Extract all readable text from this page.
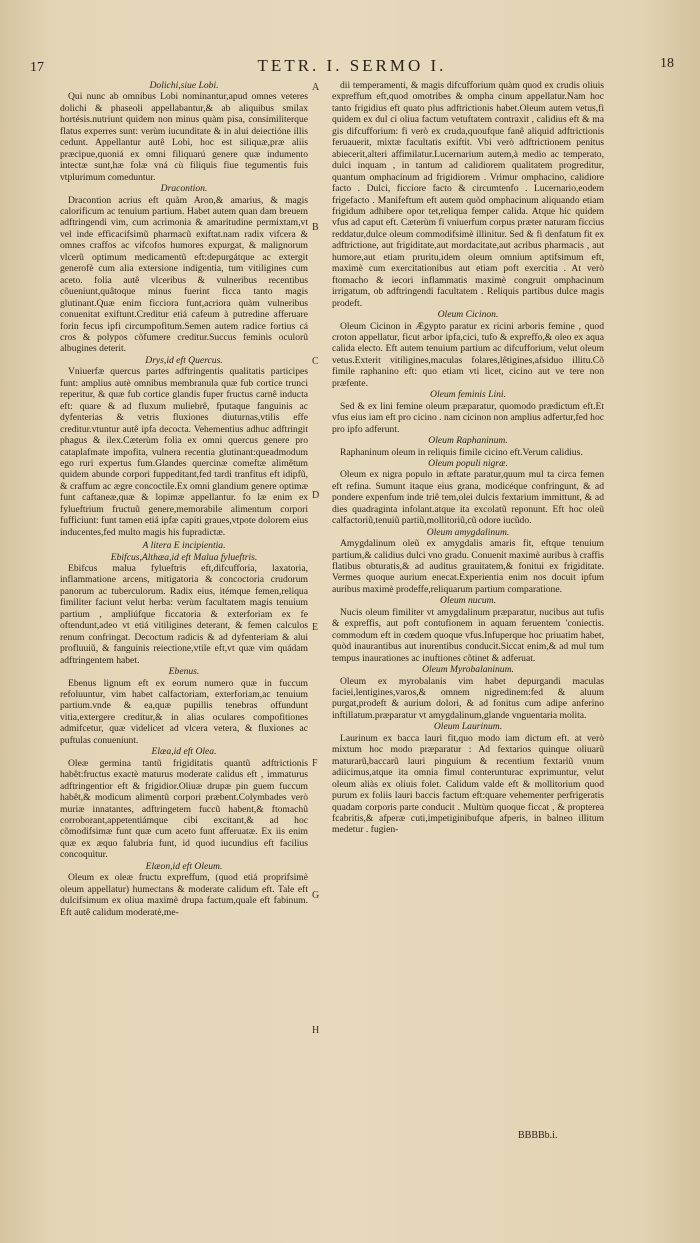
17	TETR. I. SERMO I.	18

Dolichi,siue Lobi.

Qui nunc ab omnibus Lobi nominantur,apud omnes veteres dolichi & phaseoli appellabantur,& ab aliquibus smilax hortésis.nutriunt quidem non minus quàm pisa, consimiliterque flatus experres sunt: verùm iucunditate & in alui deiectióne illis cedunt. Appellantur autê Lobi, hoc est siliquæ,præ aliis præcipue,quoniá ex omni filiquarú genere quæ indumento intectæ sunt,hæ folæ vná cù filiquis fiue tegumentis fuis vtplurimum comeduntur.

Dracontion.

Dracontion acrius eft quàm Aron,& amarius, & magis calorificum ac tenuium partium. Habet autem quan dam breuem adftringendi vim, cum acrimonia & amaritudine permixtam,vt vel inde efficacifsimũ pharmacũ exiftat.nam radix vifcera & omnes craffos ac vifcofos humores expurgat, & malignorum vlcerũ optimum medicamentũ eft:depurgátque ac extergit generofè cum alia extersione indigentia, tum vitiligines cum aceto. folia autê vlceribus & vulneribus recentibus cõueniunt,quâtoque minus fuerint ficca tanto magis glutinant.Quæ enim ficciora funt,acriora quàm vulneribus conuenitat exiftunt.Creditur etiá cafeum à putredine afferuare forin fecus ipfi circumpofitum.Semen autem radice fortius cá cros & polypos cõfumere creditur.Succus feminis oculorũ albugines deterit.

Drys,id eft Quercus.

Vniuerfæ quercus partes adftringentis qualitatis participes funt: amplius autè omnibus membranula quæ fub cortice trunci reperitur, & quæ fub cortice glandis fuper fructus carnê inducta eft: quare & ad fluxum muliebrê, fputaque fanguinis ac dyfenterias & vetris fluxiones diuturnas,vtilis effe creditur.vtuntur autê ipfa decocta. Vehementius adhuc adftringit phagus & ilex.Cæterùm folia ex omni quercus genere pro cataplafmate impofita, vulnera recentia glutinant:queadmodum ego ruri expertus fum.Glandes quercinæ comeftæ alimêtum quidem abunde corpori fuppeditant,fed tardi tranfitus eft idipfũ, & craffum ac ægre concoctile.Ex omni glandium genere optimæ funt caftaneæ,quæ & lopimæ appellantur. fo læ enim ex fylueftrium fructuũ genere,memorabile alimentum corpori fufficiunt: funt tamen etiá ipfæ capiti graues,vtpote dolorem eius inducentes,fed multo magis his fupradictæ.

A litera E incipientia.

Ebifcus,Althæa,id eft Malua fylueftris.

Ebifcus malua fylueftris eft,difcufforia, laxatoria, inflammatione arcens, mitigatoria & concoctoria crudorum panorum ac tuberculorum. Radix eius, itémque femen,reliqua fimiliter faciunt velut herba: verùm facultatem magis tenuium partium , ampliúfque ficcatoria & exterforiam ex fe oftendunt,adeo vt etiá vitiligines deterant, & femen calculos renum confringat. Decoctum radicis & ad dyfenteriam & alui profluuiũ, & fanguinis reiectione,vtile eft,vt quæ vim quádam adftringentem habet.

Ebenus.

Ebenus lignum eft ex eorum numero quæ in fuccum refoluuntur, vim habet calfactoriam, exterforiam,ac tenuium partium.vnde & ea,quæ pupillis tenebras offundunt vitia,extergere creditur,& in alias oculares compofitiones admifcetur, quæ videlicet ad vlcera vetera, & fluxiones ac puftulas conueniunt.

Elæa,id eft Olea.

Oleæ germina tantũ frigiditatis quantũ adftrictionis habêt:fructus exactè maturus moderate calidus eft , immaturus adftringentior eft & frigidior.Oliuæ drupæ pin guem fuccum habêt,& modicum alimentũ corpori præbent.Colymbades verò muriæ innatantes, adftringetem fuccũ habent,& ftomachũ corroborant,appetentiámque cibi excitant,& ad hoc cõmodifsimæ funt quæ cum aceto funt afferuatæ. Ex iis enim quæ ex æquo falubria funt, id quod iucundius eft facilius concoquitur.

Elæon,id eft Oleum.

Oleum ex oleæ fructu expreffum, (quod etiá proprifsimè oleum appellatur) humectans & moderate calidum eft. Tale eft dulcifsimum ex oliua maximè drupa factum,quale eft fabinum. Eft autê calidum moderatè,me-

dii temperamenti, & magis difcufforium quàm quod ex crudis oliuis expreffum eft,quod omotribes & ompha cinum appellatur.Nam hoc tanto frigidius eft quato plus adftrictionis habet.Oleum autem vetus,fi quidem ex dul ci oliua factum vetuftatem contraxit , calidius eft & ma gis difcufforium: fi verò ex cruda,quoufque fanê aliquid adftrictionis feruauerit, mixtæ facultatis exiftit. Vbi verò adftrictionem penitus abiecerit,alteri affimilatur.Lucernarium autem,à medio ac temperato, dulci inquam , in tantum ad calidiorem qualitatem progreditur, quantum omphacinum ad frigidiorem . Vrimur omphacino, calidiore facto . Dulci, ficciore facto & circumtenfo . Lucernario,eodem frigefacto . Manifeftum eft autem quòd omphacinum aliquando etiam frigidum adhibere opor tet,reliqua femper calida. Atque hic quidem vfus ad caput eft. Cæterùm fi vniuerfum corpus præter naturam ficcius reddatur,dulce oleum commodifsimè illinitur. Sed & fi denfatum fit ex adftrictione, aut frigiditate,aut mordacitate,aut acribus pharmacis , aut humore,aut etiam pruritu,idem oleum omnium aptifsimum eft, maximè cum exercitationibus aut etiam poft exercitia . At verò ftomacho & iecori inflammatis maximè congruit omphacinum irrigatum, ob adftringendi facultatem . Reliquis partibus dulce magis prodeft.

Oleum Cicinon.

Oleum Cicinon in Ægypto paratur ex ricini arboris femine , quod croton appellatur, ficut arbor ipfa,cici, tufo & expreffo,& oleo ex aqua calida electo. Eft autem tenuium partium ac difcufforium, velut oleum vetus.Exterit vitiligines,maculas folares,lêtigines,afsiduo illitu.Cõ fimile raphanino eft: quo etiam vti licet, cicino aut ve tere non præfente.

Oleum feminis Lini.

Sed & ex lini femine oleum præparatur, quomodo prædictum eft.Et vfus eius iam eft pro cicino . nam cicinon non amplius adfertur,fed hoc pro ipfo adferunt.

Oleum Raphaninum.

Raphaninum oleum in reliquis fimile cicino eft.Verum calidius.

Oleum populi nigræ.

Oleum ex nigra populo in æftate paratur,quum mul ta circa femen eft refina. Sumunt itaque eius grana, modicéque confringunt, & ad pondere expenfum inde triê tem,olei dulcis fextarium immittunt, & ad dies quadraginta infolant.atque ita excolatũ reponunt. Eft hoc oleũ calfactoriũ,tenuiũ partiũ,mollitoriũ,cũ odore iucũdo.

Oleum amygdalinum.

Amygdalinum oleũ ex amygdalis amaris fit, eftque tenuium partium,& calidius dulci vno gradu. Conuenit maximè auribus à craffis flatibus obturatis,& ad auditus grauitatem,& fonitui ex frigiditate. Vermes quoque aurium enecat.Experientia enim nos docuit ipfum auribus maximè prodeffe,reliquarum partium comparatione.

Oleum nucum.

Nucis oleum fimiliter vt amygdalinum præparatur, nucibus aut tufis & expreffis, aut poft contufionem in aquam feruentem 'coniectis. commodum eft in cœdem quoque vfus.Infuperque hoc priuatim habet, quòd inaurantibus aut inurentibus conducit.Siccat enim,& ad mul tum tempus inaurationes ac inuftiones cõtinet & adferuat.

Oleum Myrobalaninum.

Oleum ex myrobalanis vim habet depurgandi maculas faciei,lentigines,varos,& omnem nigredinem:fed & aluum purgat,prodeft & aurium dolori, & ad fonitus cum adipe anferino inftillatum.præparatur vt amygdalinum,glande vnguentaria molita.

Oleum Laurinum.

Laurinum ex bacca lauri fit,quo modo iam dictum eft. at verò mixtum hoc modo præparatur : Ad fextarios quinque oliuarũ maturarũ,baccarũ lauri pinguium & recentium fextariũ vnum adiicimus,atque ita omnia fimul conterunturac exprimuntur, velut oleum aliàs ex oliuis folet. Calidum valde eft & mollitorium quod purum ex foliis lauri baccis factum eft:quare vehementer perfrigeratis quadam corporis parte conducit . Multùm quoque ficcat , & propterea fcabritis,& afperæ cuti,impetiginibufque afperis, in balneo illitum medetur . fugien-

A
B
C
D
E
F
G
H
BBBBb.i.
